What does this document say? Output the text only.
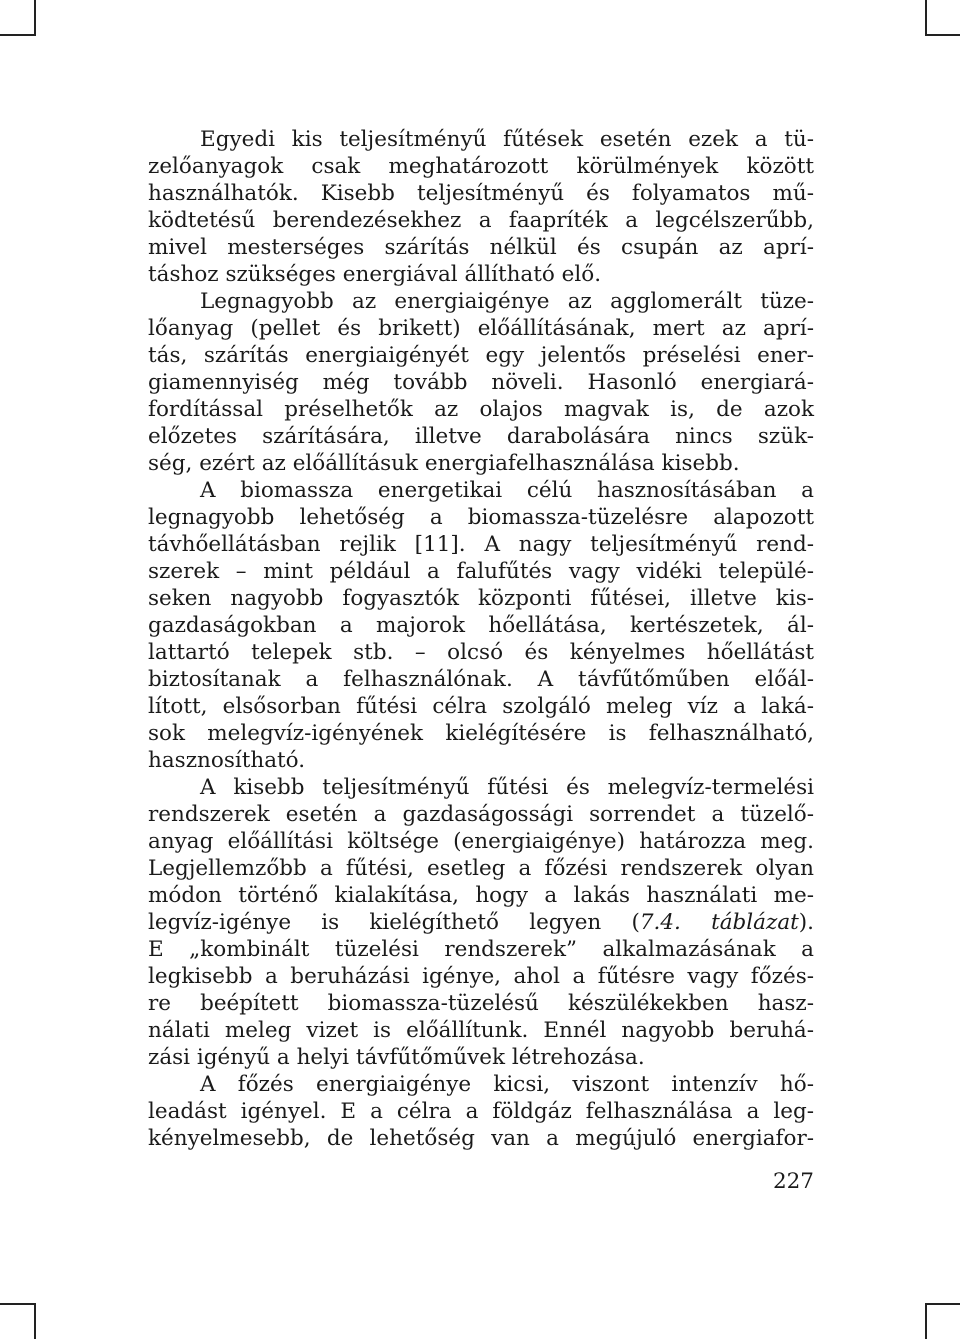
Egyedi kis teljesítményű fűtések esetén ezek a tü-
zelőanyagok csak meghatározott körülmények között
használhatók. Kisebb teljesítményű és folyamatos mű-
ködtetésű berendezésekhez a faapríték a legcélszerűbb,
mivel mesterséges szárítás nélkül és csupán az aprí-
táshoz szükséges energiával állítható elő.
Legnagyobb az energiaigénye az agglomerált tüze-
lőanyag (pellet és brikett) előállításának, mert az aprí-
tás, szárítás energiaigényét egy jelentős préselési ener-
giamennyiség még tovább növeli. Hasonló energiará-
fordítással préselhetők az olajos magvak is, de azok
előzetes szárítására, illetve darabolására nincs szük-
ség, ezért az előállításuk energiafelhasználása kisebb.
A biomassza energetikai célú hasznosításában a
legnagyobb lehetőség a biomassza-tüzelésre alapozott
távhőellátásban rejlik [11]. A nagy teljesítményű rend-
szerek – mint például a falufűtés vagy vidéki települé-
seken nagyobb fogyasztók központi fűtései, illetve kis-
gazdaságokban a majorok hőellátása, kertészetek, ál-
lattartó telepek stb. – olcsó és kényelmes hőellátást
biztosítanak a felhasználónak. A távfűtőműben előál-
lított, elsősorban fűtési célra szolgáló meleg víz a laká-
sok melegvíz-igényének kielégítésére is felhasználható,
hasznosítható.
A kisebb teljesítményű fűtési és melegvíz-termelési
rendszerek esetén a gazdaságossági sorrendet a tüzelő-
anyag előállítási költsége (energiaigénye) határozza meg.
Legjellemzőbb a fűtési, esetleg a főzési rendszerek olyan
módon történő kialakítása, hogy a lakás használati me-
legvíz-igénye is kielégíthető legyen (7.4. táblázat).
E „kombinált tüzelési rendszerek” alkalmazásának a
legkisebb a beruházási igénye, ahol a fűtésre vagy főzés-
re beépített biomassza-tüzelésű készülékekben hasz-
nálati meleg vizet is előállítunk. Ennél nagyobb beruhá-
zási igényű a helyi távfűtőművek létrehozása.
A főzés energiaigénye kicsi, viszont intenzív hő-
leadást igényel. E a célra a földgáz felhasználása a leg-
kényelmesebb, de lehetőség van a megújuló energiafor-
227
